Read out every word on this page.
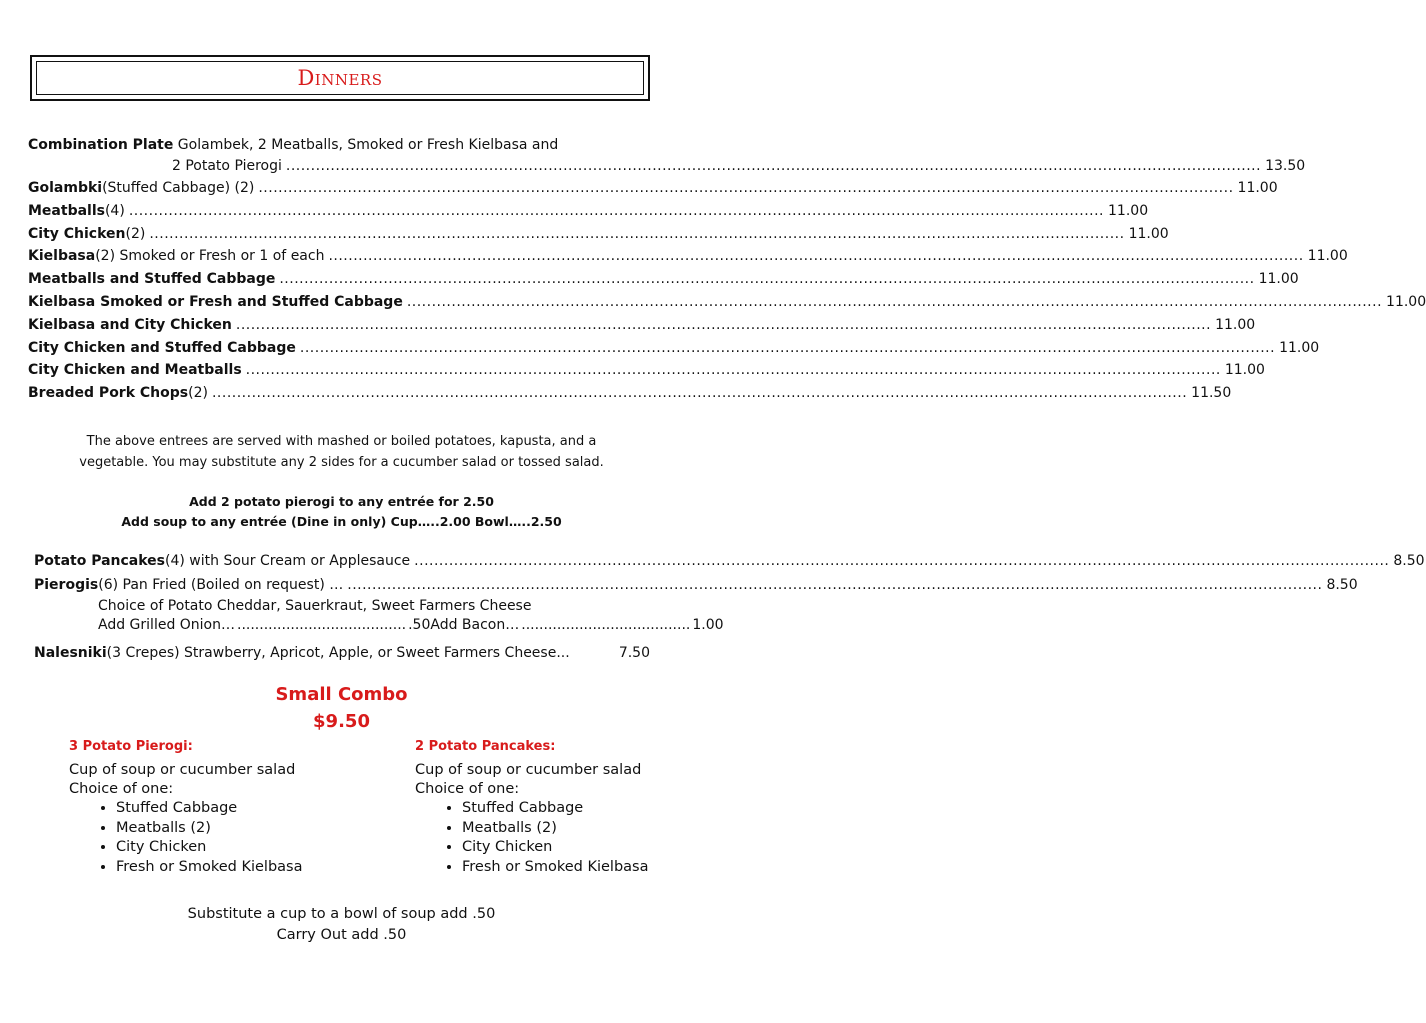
Dinners
Combination Plate Golambek, 2 Meatballs, Smoked or Fresh Kielbasa and
2 Potato Pierogi .....	13.50
Golambki (Stuffed Cabbage) (2) .....	11.00
Meatballs (4) .....	11.00
City Chicken (2) .....	11.00
Kielbasa (2) Smoked or Fresh or 1 of each .....	11.00
Meatballs and Stuffed Cabbage .....	11.00
Kielbasa Smoked or Fresh and Stuffed Cabbage .....	11.00
Kielbasa and City Chicken .....	11.00
City Chicken and Stuffed Cabbage .....	11.00
City Chicken and Meatballs .....	11.00
Breaded Pork Chops (2) .....	11.50
The above entrees are served with mashed or boiled potatoes, kapusta, and a
vegetable. You may substitute any 2 sides for a cucumber salad or tossed salad.
Add 2 potato pierogi to any entrée for 2.50
Add soup to any entrée (Dine in only) Cup…..2.00 Bowl…..2.50
Potato Pancakes (4) with Sour Cream or Applesauce .....	8.50
Pierogis (6) Pan Fried (Boiled on request) … .....	8.50
Choice of Potato Cheddar, Sauerkraut, Sweet Farmers Cheese
Add Grilled Onion… ...................................... .50 Add Bacon… ...................................... 1.00
Nalesniki (3 Crepes) Strawberry, Apricot, Apple, or Sweet Farmers Cheese...	7.50
Small Combo
$9.50
3 Potato Pierogi:
Cup of soup or cucumber salad
Choice of one:
• Stuffed Cabbage
• Meatballs (2)
• City Chicken
• Fresh or Smoked Kielbasa
2 Potato Pancakes:
Cup of soup or cucumber salad
Choice of one:
• Stuffed Cabbage
• Meatballs (2)
• City Chicken
• Fresh or Smoked Kielbasa
Substitute a cup to a bowl of soup add .50
Carry Out add .50
